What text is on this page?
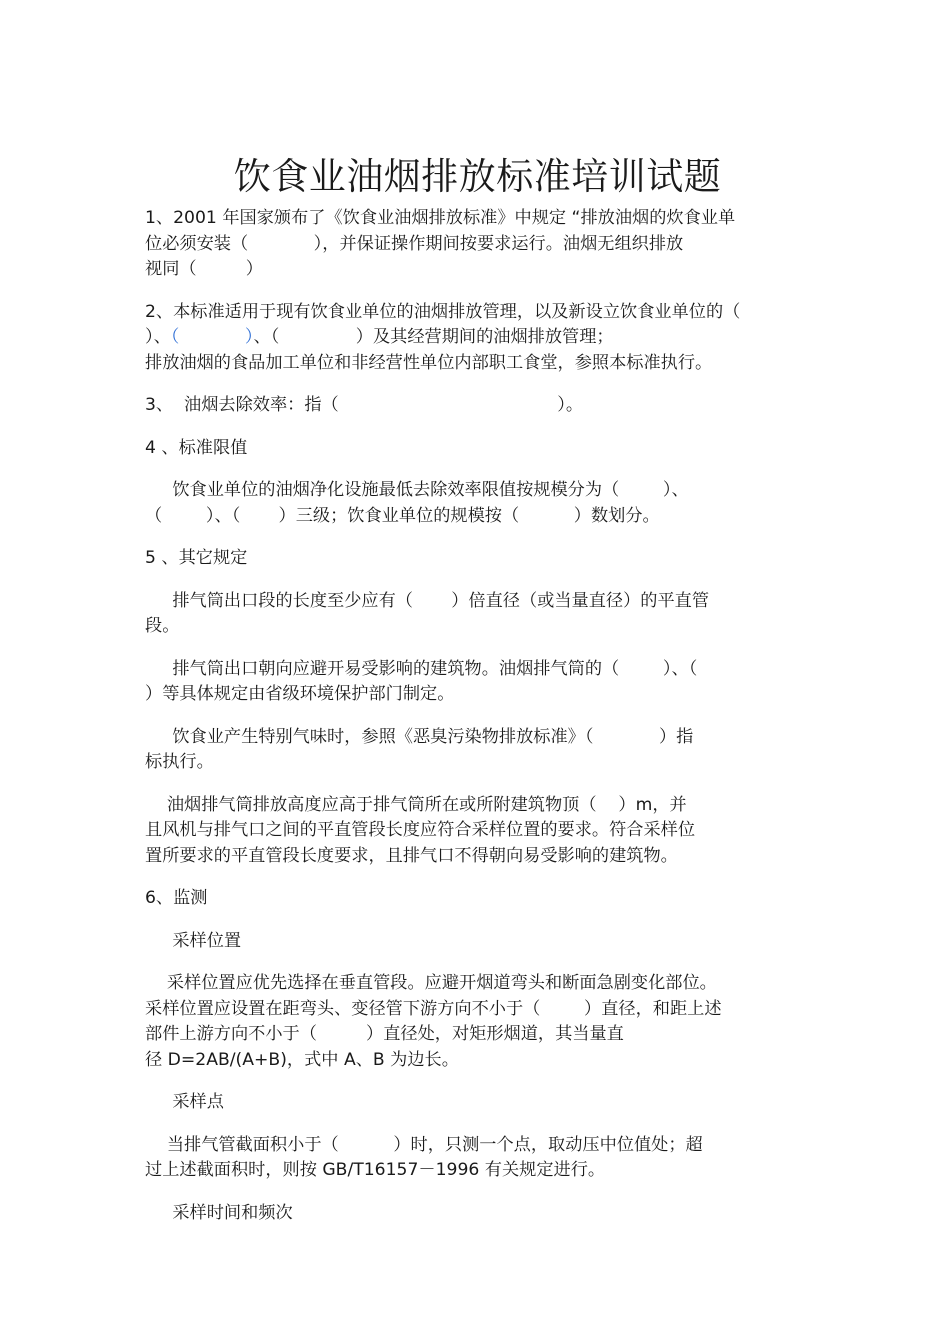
饮食业油烟排放标准培训试题

1、2001 年国家颁布了《饮食业油烟排放标准》中规定 “排放油烟的炊食业单

位必须安装（            ），并保证操作期间按要求运行。油烟无组织排放

视同（         ）

2、本标准适用于现有饮食业单位的油烟排放管理，以及新设立饮食业单位的（

）、（            ）、（              ）及其经营期间的油烟排放管理；

排放油烟的食品加工单位和非经营性单位内部职工食堂，参照本标准执行。

3、  油烟去除效率：指（                                        ）。

4 、标准限值

饮食业单位的油烟净化设施最低去除效率限值按规模分为（        ）、

（        ）、（       ）三级；饮食业单位的规模按（          ）数划分。

5 、其它规定

排气筒出口段的长度至少应有（       ）倍直径（或当量直径）的平直管

段。

排气筒出口朝向应避开易受影响的建筑物。油烟排气筒的（        ）、（

）等具体规定由省级环境保护部门制定。

饮食业产生特别气味时，参照《恶臭污染物排放标准》（            ）指

标执行。

油烟排气筒排放高度应高于排气筒所在或所附建筑物顶（    ）m，并

且风机与排气口之间的平直管段长度应符合采样位置的要求。符合采样位

置所要求的平直管段长度要求，且排气口不得朝向易受影响的建筑物。

6、监测

采样位置

采样位置应优先选择在垂直管段。应避开烟道弯头和断面急剧变化部位。

采样位置应设置在距弯头、变径管下游方向不小于（        ）直径，和距上述

部件上游方向不小于（         ）直径处，对矩形烟道，其当量直

径 D=2AB/(A+B)，式中 A、B 为边长。

采样点

当排气管截面积小于（          ）时，只测一个点，取动压中位值处；超

过上述截面积时，则按 GB/T16157－1996 有关规定进行。

采样时间和频次
